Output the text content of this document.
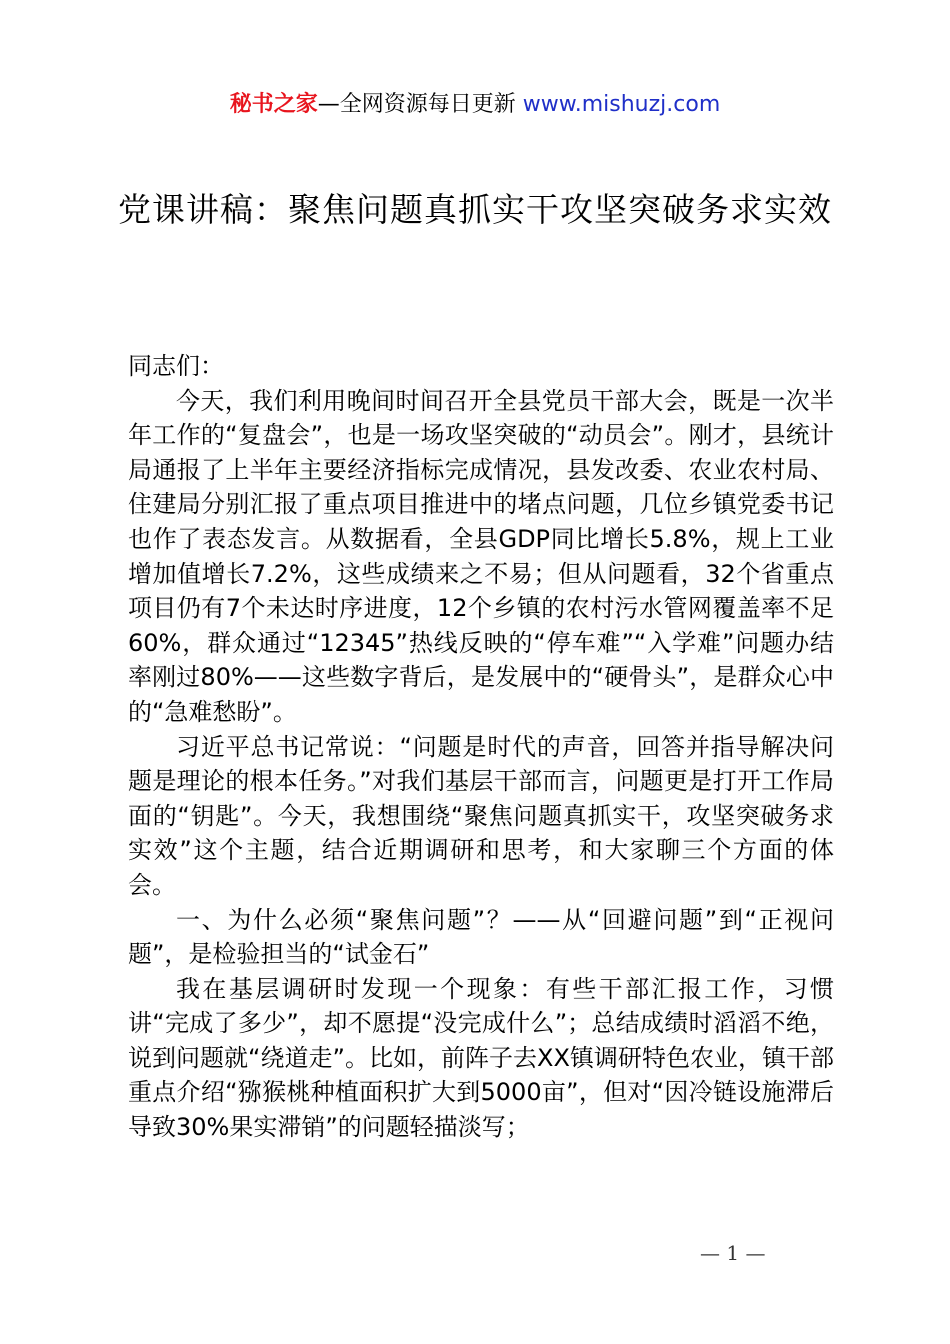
秘书之家—全网资源每日更新 www.mishuzj.com
党课讲稿：聚焦问题真抓实干攻坚突破务求实效

同志们：

今天，我们利用晚间时间召开全县党员干部大会，既是一次半年工作的“复盘会”，也是一场攻坚突破的“动员会”。刚才，县统计局通报了上半年主要经济指标完成情况，县发改委、农业农村局、住建局分别汇报了重点项目推进中的堵点问题，几位乡镇党委书记也作了表态发言。从数据看，全县GDP同比增长5.8%，规上工业增加值增长7.2%，这些成绩来之不易；但从问题看，32个省重点项目仍有7个未达时序进度，12个乡镇的农村污水管网覆盖率不足60%，群众通过“12345”热线反映的“停车难”“入学难”问题办结率刚过80%——这些数字背后，是发展中的“硬骨头”，是群众心中的“急难愁盼”。

习近平总书记常说：“问题是时代的声音，回答并指导解决问题是理论的根本任务。”对我们基层干部而言，问题更是打开工作局面的“钥匙”。今天，我想围绕“聚焦问题真抓实干，攻坚突破务求实效”这个主题，结合近期调研和思考，和大家聊三个方面的体会。

一、为什么必须“聚焦问题”？——从“回避问题”到“正视问题”，是检验担当的“试金石”

我在基层调研时发现一个现象：有些干部汇报工作，习惯讲“完成了多少”，却不愿提“没完成什么”；总结成绩时滔滔不绝，说到问题就“绕道走”。比如，前阵子去XX镇调研特色农业，镇干部重点介绍“猕猴桃种植面积扩大到5000亩”，但对“因冷链设施滞后导致30%果实滞销”的问题轻描淡写；

— 1 —
